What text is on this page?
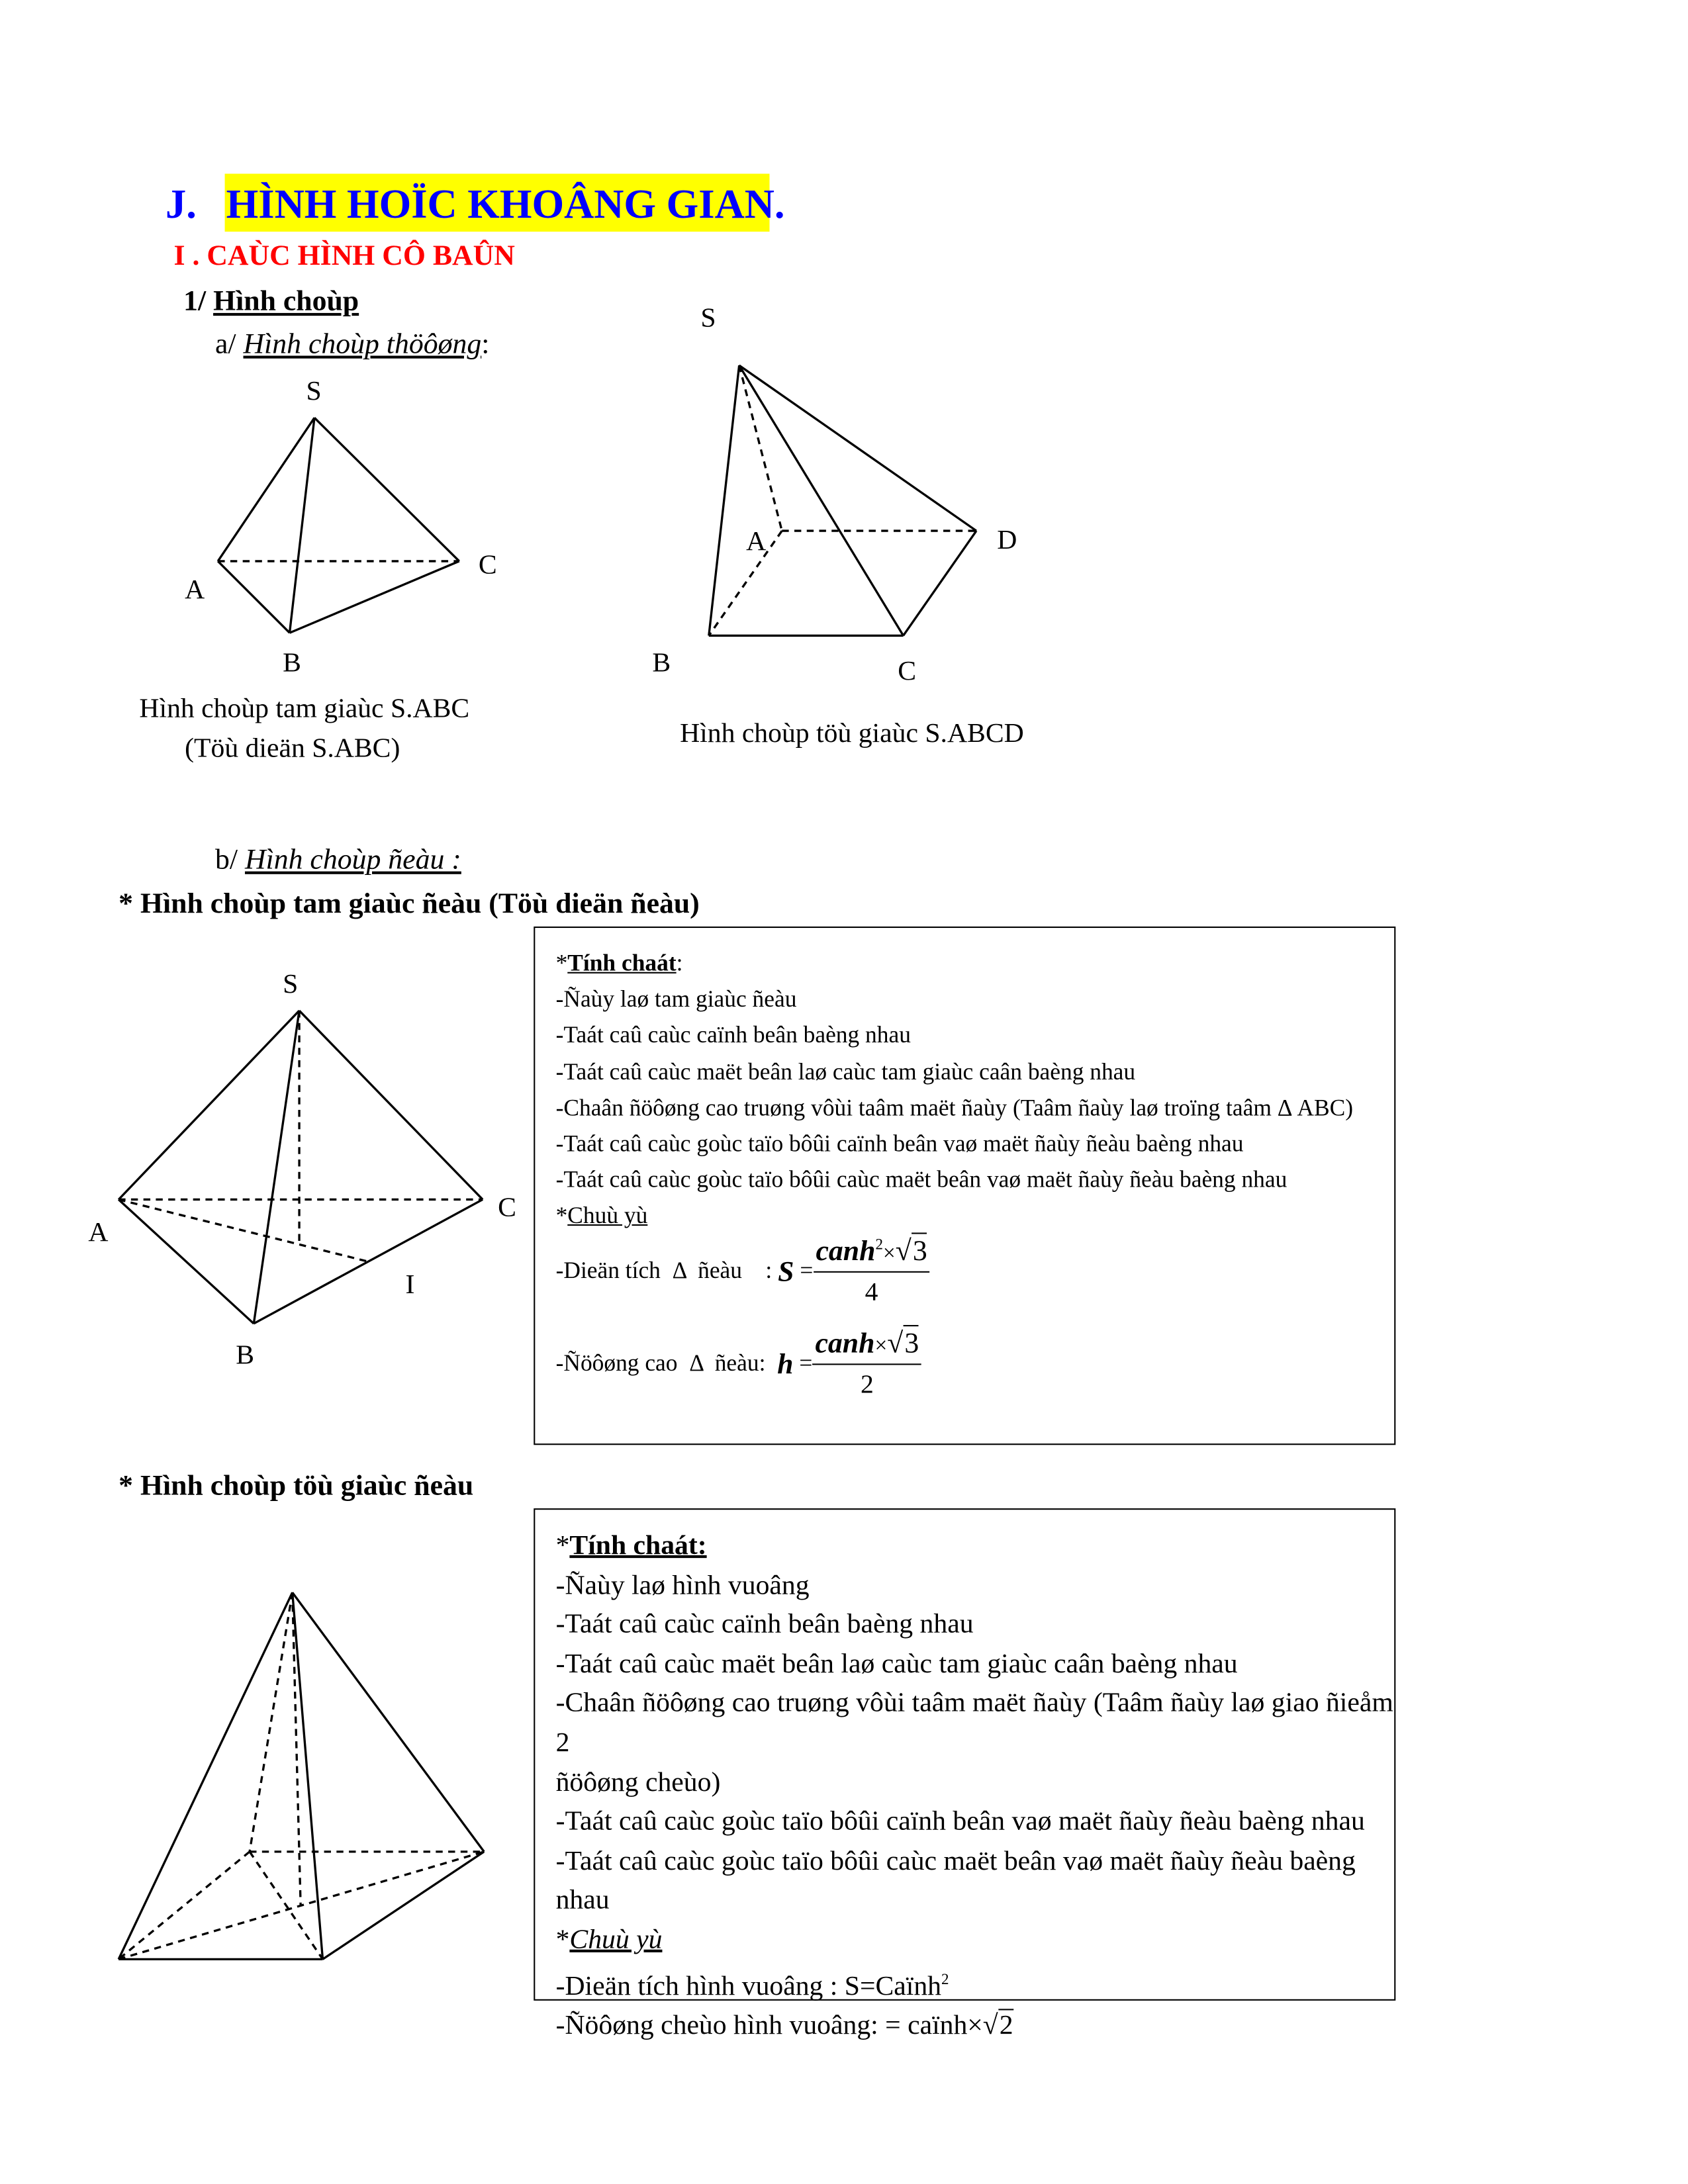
J. HÌNH HOÏC KHOÂNG GIAN.
I . CAÙC HÌNH CÔ BAÛN
1/ Hình choùp
a/ Hình choùp thöôøng:
S
A
B
C
Hình choùp tam giaùc S.ABC
(Töù dieän S.ABC)
S
A	D
B	C
Hình choùp töù giaùc S.ABCD
b/ Hình choùp ñeàu :
* Hình choùp tam giaùc ñeàu (Töù dieän ñeàu)
S
A
C
I
B
*Tính chaát:
-Ñaùy laø tam giaùc ñeàu
-Taát caû caùc caïnh beân baèng nhau
-Taát caû caùc maët beân laø caùc tam giaùc caân baèng nhau
-Chaân ñöôøng cao truøng vôùi taâm maët ñaùy (Taâm ñaùy laø troïng taâm Δ ABC)
-Taát caû caùc goùc taïo bôûi caïnh beân vaø maët ñaùy ñeàu baèng nhau
-Taát caû caùc goùc taïo bôûi caùc maët beân vaø maët ñaùy ñeàu baèng nhau
*Chuù yù
-Dieän tích  Δ  ñeàu    :
S
= $\frac{canh^2\times√3}{4}$
-Ñöôøng cao  Δ  ñeàu:
h
= $\frac{\text{canh×√3}}{2}$
* Hình choùp töù giaùc ñeàu
*Tính chaát:
-Ñaùy laø hình vuoâng
-Taát caû caùc caïnh beân baèng nhau
-Taát caû caùc maët beân laø caùc tam giaùc caân baèng nhau
-Chaân ñöôøng cao truøng vôùi taâm maët ñaùy (Taâm ñaùy laø giao ñieåm 2
ñöôøng cheùo)
-Taát caû caùc goùc taïo bôûi caïnh beân vaø maët ñaùy ñeàu baèng nhau
-Taát caû caùc goùc taïo bôûi caùc maët beân vaø maët ñaùy ñeàu baèng nhau
*Chuù yù
-Dieän tích hình vuoâng : S=Caïnh$^2$
-Ñöôøng cheùo hình vuoâng: = caïnh×√ 2
